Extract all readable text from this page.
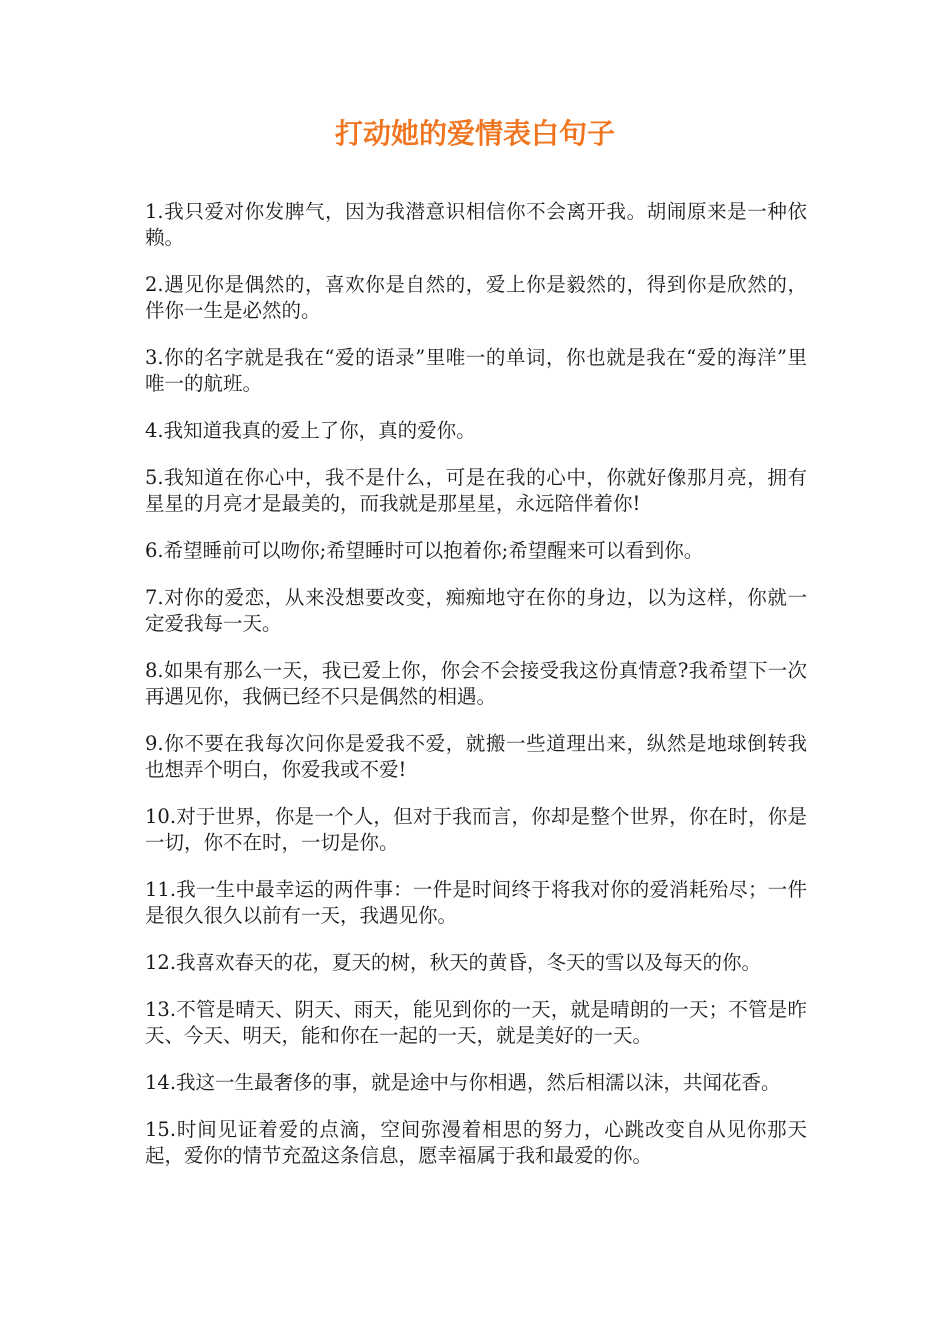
打动她的爱情表白句子
1.我只爱对你发脾气，因为我潜意识相信你不会离开我。胡闹原来是一种依赖。
2.遇见你是偶然的，喜欢你是自然的，爱上你是毅然的，得到你是欣然的，伴你一生是必然的。
3.你的名字就是我在“爱的语录”里唯一的单词，你也就是我在“爱的海洋”里唯一的航班。
4.我知道我真的爱上了你，真的爱你。
5.我知道在你心中，我不是什么，可是在我的心中，你就好像那月亮，拥有星星的月亮才是最美的，而我就是那星星，永远陪伴着你!
6.希望睡前可以吻你;希望睡时可以抱着你;希望醒来可以看到你。
7.对你的爱恋，从来没想要改变，痴痴地守在你的身边，以为这样，你就一定爱我每一天。
8.如果有那么一天，我已爱上你，你会不会接受我这份真情意?我希望下一次再遇见你，我俩已经不只是偶然的相遇。
9.你不要在我每次问你是爱我不爱，就搬一些道理出来，纵然是地球倒转我也想弄个明白，你爱我或不爱!
10.对于世界，你是一个人，但对于我而言，你却是整个世界，你在时，你是一切，你不在时，一切是你。
11.我一生中最幸运的两件事：一件是时间终于将我对你的爱消耗殆尽；一件是很久很久以前有一天，我遇见你。
12.我喜欢春天的花，夏天的树，秋天的黄昏，冬天的雪以及每天的你。
13.不管是晴天、阴天、雨天，能见到你的一天，就是晴朗的一天；不管是昨天、今天、明天，能和你在一起的一天，就是美好的一天。
14.我这一生最奢侈的事，就是途中与你相遇，然后相濡以沫，共闻花香。
15.时间见证着爱的点滴，空间弥漫着相思的努力，心跳改变自从见你那天起，爱你的情节充盈这条信息，愿幸福属于我和最爱的你。
